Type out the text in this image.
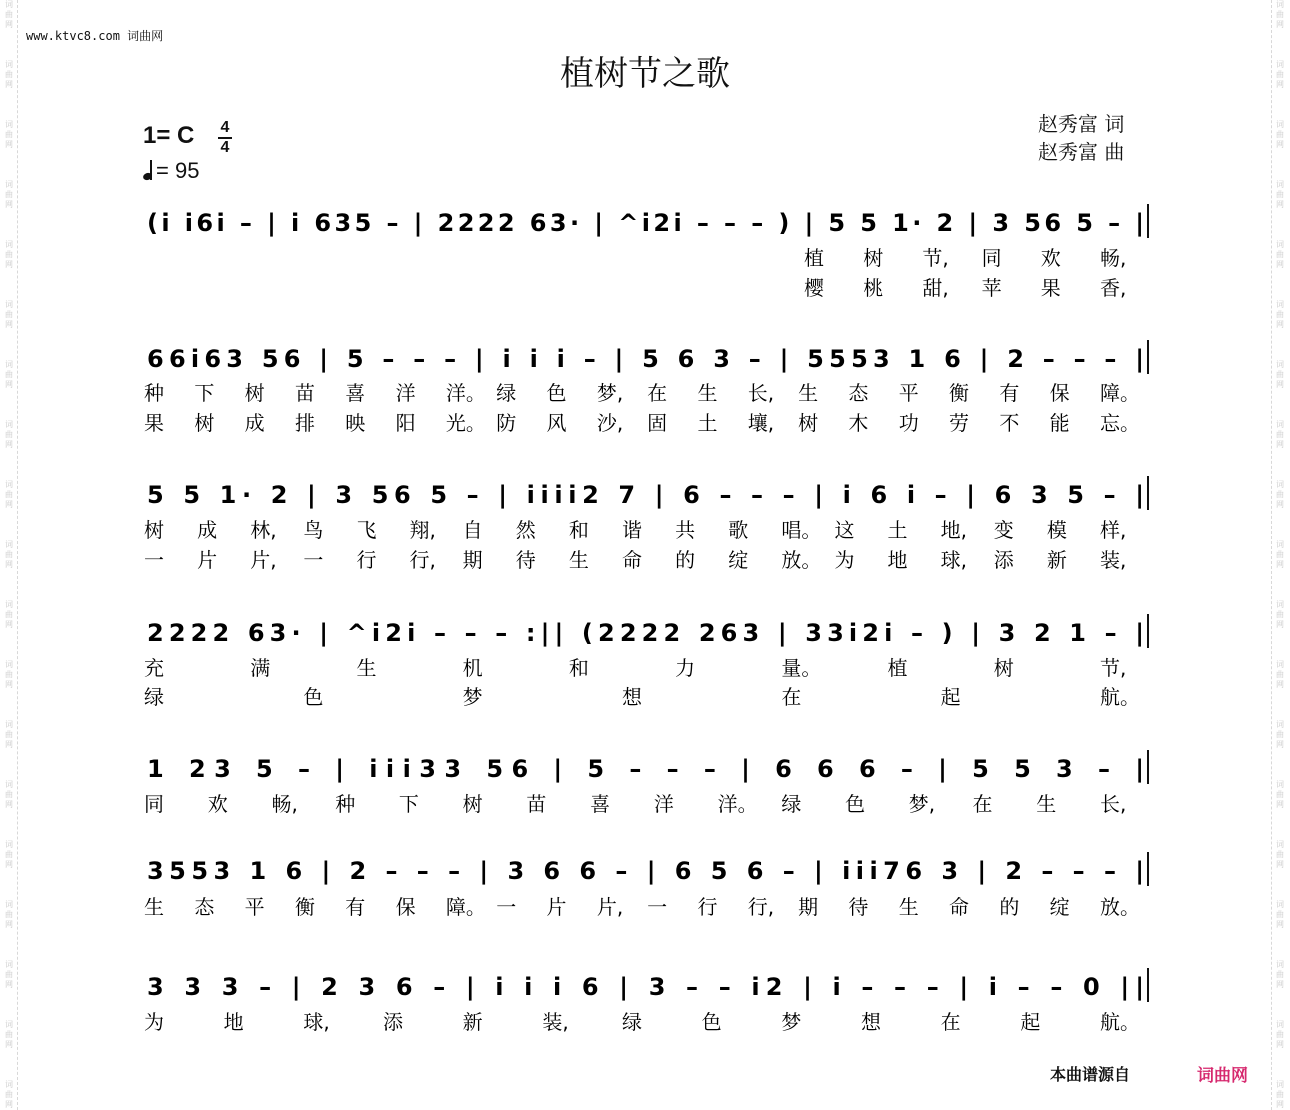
词
曲
网
词
曲
网
词
曲
网
词
曲
网
词
曲
网
词
曲
网
词
曲
网
词
曲
网
词
曲
网
词
曲
网
词
曲
网
词
曲
网
词
曲
网
词
曲
网
词
曲
网
词
曲
网
词
曲
网
词
曲
网
词
曲
网
词
曲
网
词
曲
网
词
曲
网
词
曲
网
词
曲
网
词
曲
网
词
曲
网
词
曲
网
词
曲
网
词
曲
网
词
曲
网
词
曲
网
词
曲
网
词
曲
网
词
曲
网
词
曲
网
词
曲
网
词
曲
网
词
曲
网
www.ktvc8.com 词曲网
植树节之歌
赵秀富 词
赵秀富 曲
1= C 4
4
= 95
(i i6i – | i 635 – | 2222 63· | ^i2i – – – ) | 5 5 1· 2 | 3 56 5 – |
植 树 节, 同 欢 畅,
樱 桃 甜, 苹 果 香,
66i63 56 | 5 – – – | i i i – | 5 6 3 – | 5553 1 6 | 2 – – – |
种 下 树 苗 喜 洋 洋。 绿 色 梦, 在 生 长, 生 态 平 衡 有 保 障。
果 树 成 排 映 阳 光。 防 风 沙, 固 土 壤, 树 木 功 劳 不 能 忘。
5 5 1· 2 | 3 56 5 – | iiii2 7 | 6 – – – | i 6 i – | 6 3 5 – |
树 成 林, 鸟 飞 翔, 自 然 和 谐 共 歌 唱。 这 土 地, 变 模 样,
一 片 片, 一 行 行, 期 待 生 命 的 绽 放。 为 地 球, 添 新 装,
2222 63· | ^i2i – – – :|| (2222 263 | 33i2i – ) | 3 2 1 – |
充	满	生	机	和	力	量。	植	树	节,
绿	色	梦	想	在	起	航。
1 23 5 – | iii33 56 | 5 – – – | 6 6 6 – | 5 5 3 – |
同 欢 畅, 种 下 树 苗 喜 洋 洋。 绿 色 梦, 在 生 长,
3553 1 6 | 2 – – – | 3 6 6 – | 6 5 6 – | iii76 3 | 2 – – – |
生 态 平 衡 有 保 障。 一 片 片, 一 行 行, 期 待 生 命 的 绽 放。
3 3 3 – | 2 3 6 – | i i i 6 | 3 – – i2 | i – – – | i – – 0 ||
为	地	球,	添	新	装,	绿	色	梦	想	在	起	航。
本曲谱源自	词曲网
